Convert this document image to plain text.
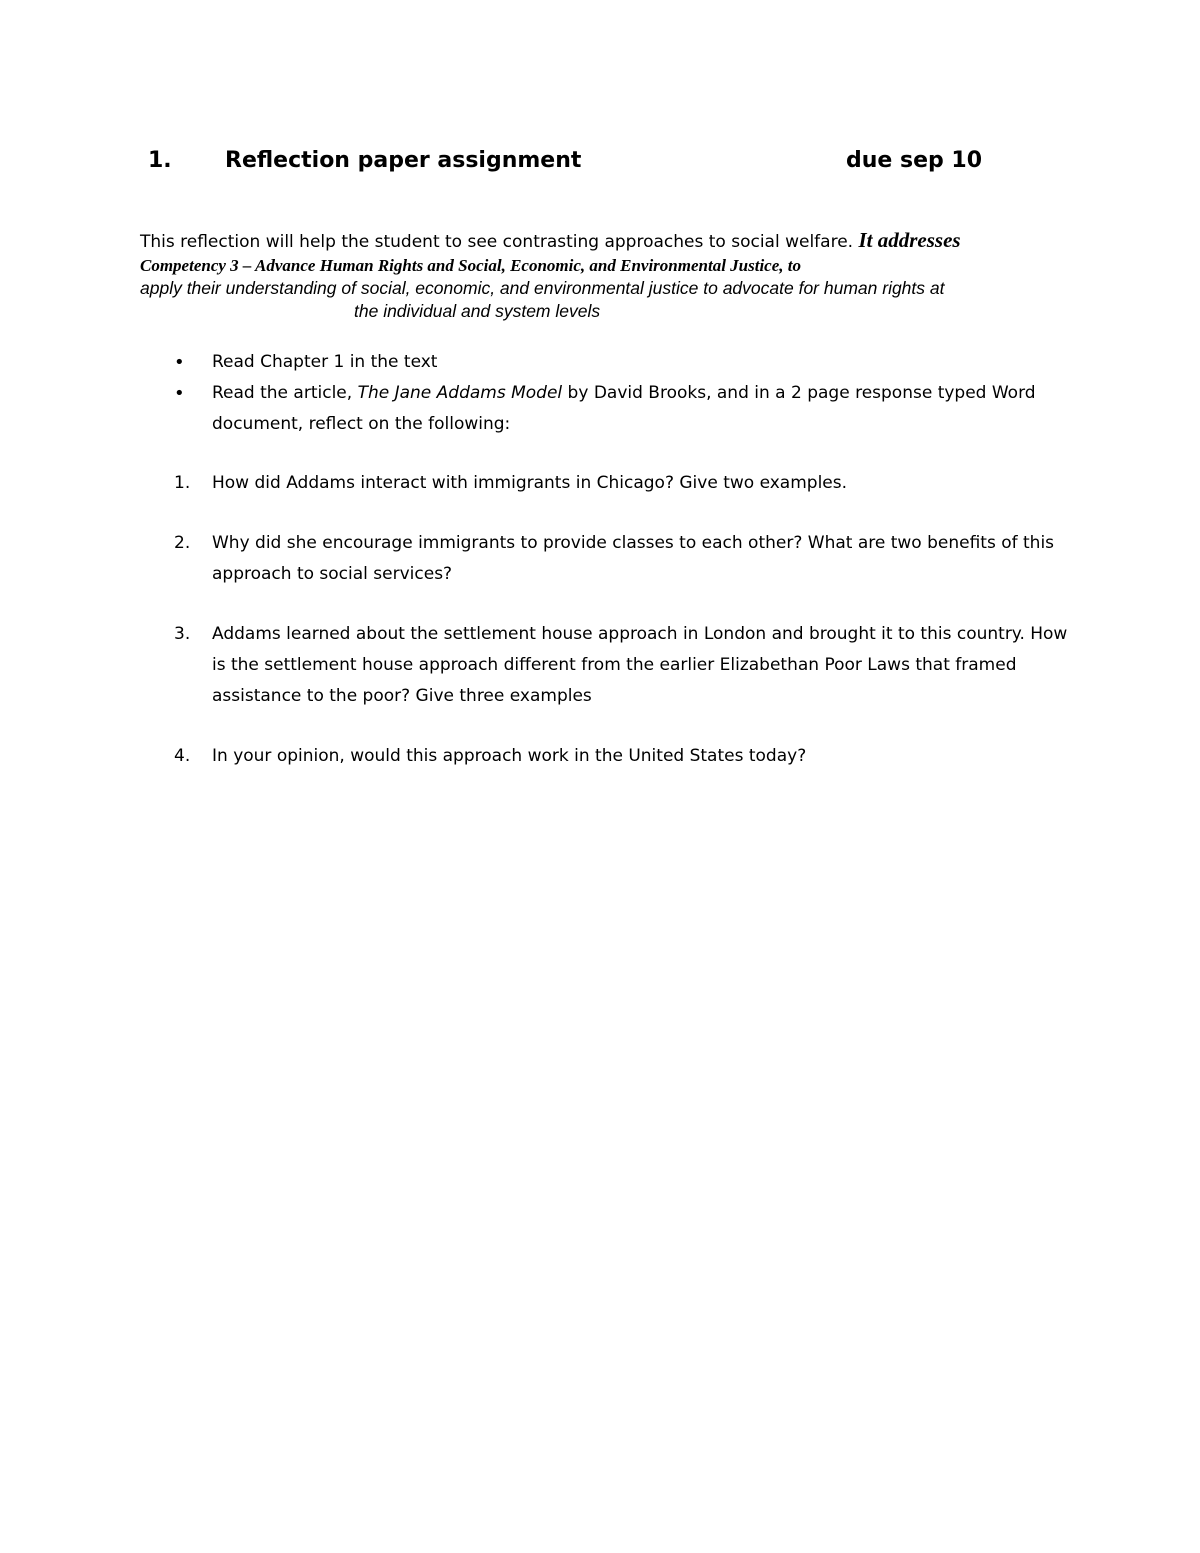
1. Reflection paper assignment	due sep 10
This reflection will help the student to see contrasting approaches to social welfare. It addresses
Competency 3 – Advance Human Rights and Social, Economic, and Environmental Justice, to
apply their understanding of social, economic, and environmental justice to advocate for human rights at
the individual and system levels
• Read Chapter 1 in the text
• Read the article, The Jane Addams Model by David Brooks, and in a 2 page response typed Word document, reflect on the following:
1. How did Addams interact with immigrants in Chicago? Give two examples.
2. Why did she encourage immigrants to provide classes to each other? What are two benefits of this approach to social services?
3. Addams learned about the settlement house approach in London and brought it to this country. How is the settlement house approach different from the earlier Elizabethan Poor Laws that framed assistance to the poor? Give three examples
4. In your opinion, would this approach work in the United States today?
